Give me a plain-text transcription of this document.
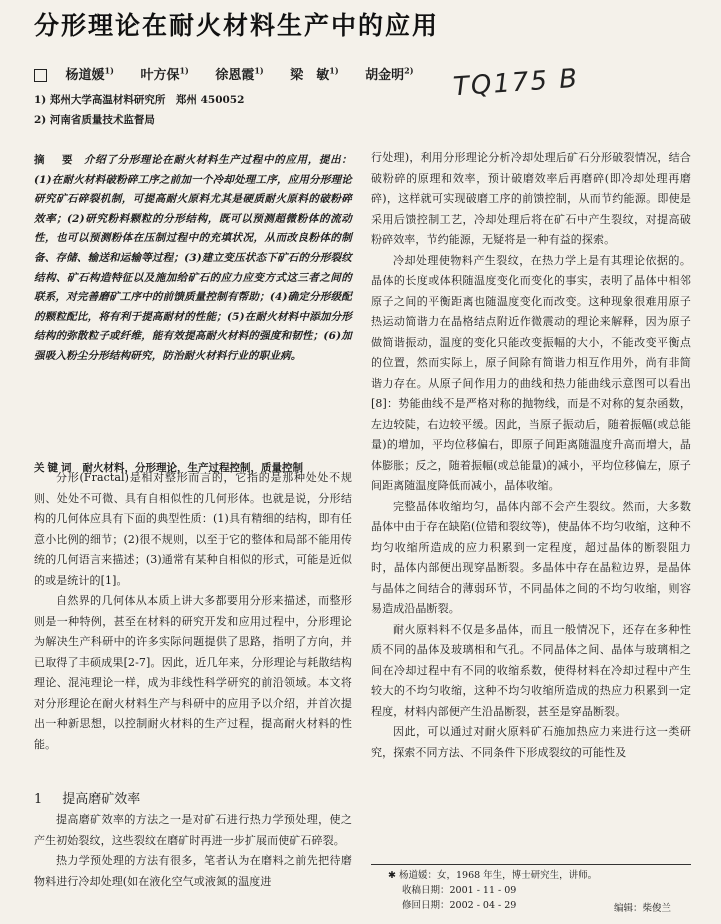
分形理论在耐火材料生产中的应用
杨道媛$^{1)}$ 叶方保$^{1)}$ 徐恩霞$^{1)}$ 梁　敏$^{1)}$ 胡金明$^{2)}$	TQ175 B
1) 郑州大学高温材料研究所　郑州 450052
2) 河南省质量技术监督局

摘　要 介绍了分形理论在耐火材料生产过程中的应用，提出：(1)在耐火材料破粉碎工序之前加一个冷却处理工序，应用分形理论研究矿石碎裂机制，可提高耐火原料尤其是硬质耐火原料的破粉碎效率；(2)研究粉料颗粒的分形结构，既可以预测超微粉体的流动性，也可以预测粉体在压制过程中的充填状况，从而改良粉体的制备、存储、输送和运输等过程；(3)建立变压状态下矿石的分形裂纹结构、矿石构造特征以及施加给矿石的应力应变方式这三者之间的联系，对完善磨矿工序中的前馈质量控制有帮助；(4)确定分形级配的颗粒配比，将有利于提高耐材的性能；(5)在耐火材料中添加分形结构的弥散粒子或纤维，能有效提高耐火材料的强度和韧性；(6)加强吸入粉尘分形结构研究，防治耐火材料行业的职业病。

关键词 耐火材料，分形理论，生产过程控制，质量控制

分形(Fractal)是相对整形而言的，它指的是那种处处不规则、处处不可微、具有自相似性的几何形体。也就是说，分形结构的几何体应具有下面的典型性质：(1)具有精细的结构，即有任意小比例的细节；(2)很不规则，以至于它的整体和局部不能用传统的几何语言来描述；(3)通常有某种自相似的形式，可能是近似的或是统计的[1]。

自然界的几何体从本质上讲大多都要用分形来描述，而整形则是一种特例，甚至在材料的研究开发和应用过程中，分形理论为解决生产科研中的许多实际问题提供了思路，指明了方向，并已取得了丰硕成果[2-7]。因此，近几年来，分形理论与耗散结构理论、混沌理论一样，成为非线性科学研究的前沿领域。本文将对分形理论在耐火材料生产与科研中的应用予以介绍，并首次提出一种新思想，以控制耐火材料的生产过程，提高耐火材料的性能。

1 提高磨矿效率

提高磨矿效率的方法之一是对矿石进行热力学预处理，使之产生初始裂纹，这些裂纹在磨矿时再进一步扩展而使矿石碎裂。

热力学预处理的方法有很多，笔者认为在磨料之前先把待磨物料进行冷却处理(如在液化空气或液氮的温度进

行处理)，利用分形理论分析冷却处理后矿石分形破裂情况，结合破粉碎的原理和效率，预计破磨效率后再磨碎(即冷却处理再磨碎)，这样就可实现破磨工序的前馈控制，从而节约能源。即使是采用后馈控制工艺，冷却处理后将在矿石中产生裂纹，对提高破粉碎效率，节约能源，无疑将是一种有益的探索。

冷却处理使物料产生裂纹，在热力学上是有其理论依据的。晶体的长度或体积随温度变化而变化的事实，表明了晶体中相邻原子之间的平衡距离也随温度变化而改变。这种现象很难用原子热运动简谐力在晶格结点附近作微震动的理论来解释，因为原子做简谐振动，温度的变化只能改变振幅的大小，不能改变平衡点的位置，然而实际上，原子间除有简谐力相互作用外，尚有非简谐力存在。从原子间作用力的曲线和热力能曲线示意图可以看出[8]：势能曲线不是严格对称的抛物线，而是不对称的复杂函数，左边较陡，右边较平缓。因此，当原子振动后，随着振幅(或总能量)的增加，平均位移偏右，即原子间距离随温度升高而增大，晶体膨胀；反之，随着振幅(或总能量)的减小，平均位移偏左，原子间距离随温度降低而减小，晶体收缩。

完整晶体收缩均匀，晶体内部不会产生裂纹。然而，大多数晶体中由于存在缺陷(位错和裂纹等)，使晶体不均匀收缩，这种不均匀收缩所造成的应力积累到一定程度，超过晶体的断裂阻力时，晶体内部便出现穿晶断裂。多晶体中存在晶粒边界，是晶体与晶体之间结合的薄弱环节，不同晶体之间的不均匀收缩，则容易造成沿晶断裂。

耐火原料料不仅是多晶体，而且一般情况下，还存在多种性质不同的晶体及玻璃相和气孔。不同晶体之间、晶体与玻璃相之间在冷却过程中有不同的收缩系数，使得材料在冷却过程中产生较大的不均匀收缩，这种不均匀收缩所造成的热应力积累到一定程度，材料内部便产生沿晶断裂，甚至是穿晶断裂。

因此，可以通过对耐火原料矿石施加热应力来进行这一类研究，探索不同方法、不同条件下形成裂纹的可能性及

✱ 杨道媛：女，1968 年生，博士研究生，讲师。
收稿日期：2001 - 11 - 09
修回日期：2002 - 04 - 29	编辑：柴俊兰
